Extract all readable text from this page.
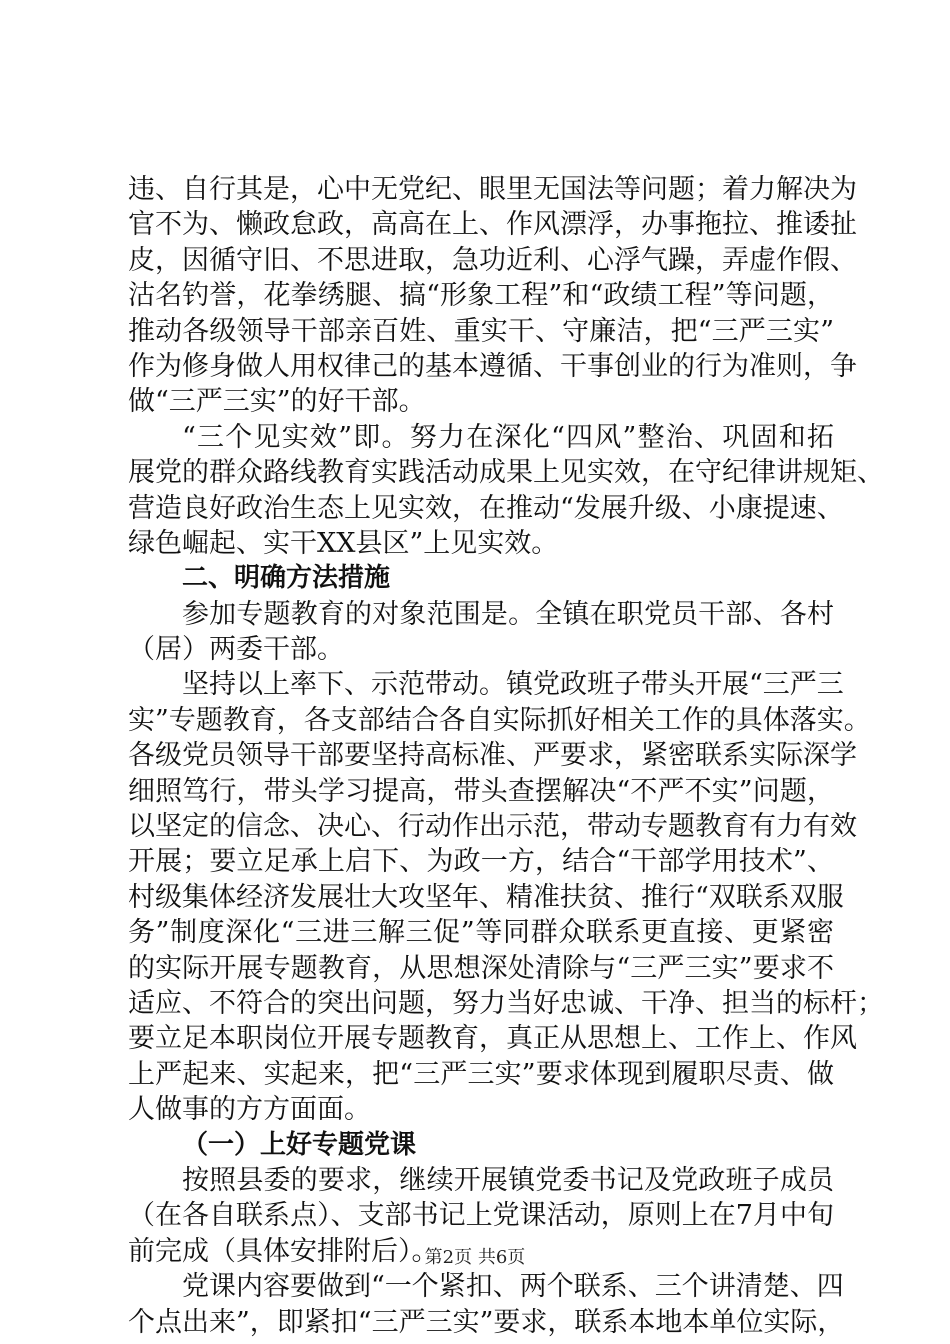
违、自行其是，心中无党纪、眼里无国法等问题；着力解决为
官不为、懒政怠政，高高在上、作风漂浮，办事拖拉、推诿扯
皮，因循守旧、不思进取，急功近利、心浮气躁，弄虚作假、
沽名钓誉，花拳绣腿、搞“形象工程”和“政绩工程”等问题，
推动各级领导干部亲百姓、重实干、守廉洁，把“三严三实”
作为修身做人用权律己的基本遵循、干事创业的行为准则，争
做“三严三实”的好干部。
“三个见实效”即。努力在深化“四风”整治、巩固和拓
展党的群众路线教育实践活动成果上见实效，在守纪律讲规矩、
营造良好政治生态上见实效，在推动“发展升级、小康提速、
绿色崛起、实干XX县区”上见实效。
二、明确方法措施
参加专题教育的对象范围是。全镇在职党员干部、各村
（居）两委干部。
坚持以上率下、示范带动。镇党政班子带头开展“三严三
实”专题教育，各支部结合各自实际抓好相关工作的具体落实。
各级党员领导干部要坚持高标准、严要求，紧密联系实际深学
细照笃行，带头学习提高，带头查摆解决“不严不实”问题，
以坚定的信念、决心、行动作出示范，带动专题教育有力有效
开展；要立足承上启下、为政一方，结合“干部学用技术”、
村级集体经济发展壮大攻坚年、精准扶贫、推行“双联系双服
务”制度深化“三进三解三促”等同群众联系更直接、更紧密
的实际开展专题教育，从思想深处清除与“三严三实”要求不
适应、不符合的突出问题，努力当好忠诚、干净、担当的标杆；
要立足本职岗位开展专题教育，真正从思想上、工作上、作风
上严起来、实起来，把“三严三实”要求体现到履职尽责、做
人做事的方方面面。
（一）上好专题党课
按照县委的要求，继续开展镇党委书记及党政班子成员
（在各自联系点）、支部书记上党课活动，原则上在7月中旬
前完成（具体安排附后）。
党课内容要做到“一个紧扣、两个联系、三个讲清楚、四
个点出来”，即紧扣“三严三实”要求，联系本地本单位实际，
第2页 共6页
